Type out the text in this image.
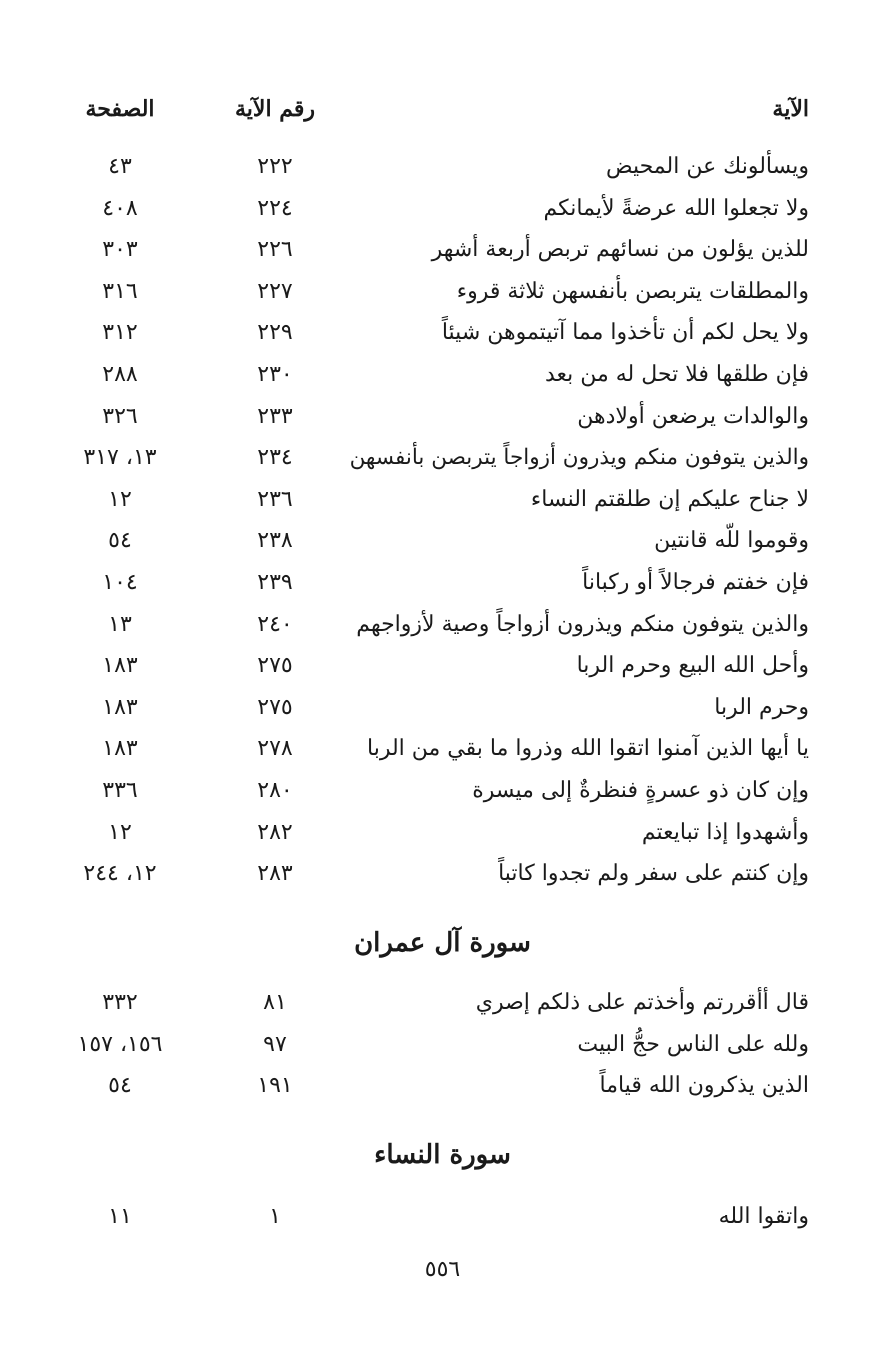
الآية
رقم الآية
الصفحة
ويسألونك عن المحيض
٢٢٢
٤٣
ولا تجعلوا الله عرضةً لأيمانكم
٢٢٤
٤٠٨
للذين يؤلون من نسائهم تربص أربعة أشهر
٢٢٦
٣٠٣
والمطلقات يتربصن بأنفسهن ثلاثة قروء
٢٢٧
٣١٦
ولا يحل لكم أن تأخذوا مما آتيتموهن شيئاً
٢٢٩
٣١٢
فإن طلقها فلا تحل له من بعد
٢٣٠
٢٨٨
والوالدات يرضعن أولادهن
٢٣٣
٣٢٦
والذين يتوفون منكم ويذرون أزواجاً يتربصن بأنفسهن
٢٣٤
١٣، ٣١٧
لا جناح عليكم إن طلقتم النساء
٢٣٦
١٢
وقوموا للّه قانتين
٢٣٨
٥٤
فإن خفتم فرجالاً أو ركباناً
٢٣٩
١٠٤
والذين يتوفون منكم ويذرون أزواجاً وصية لأزواجهم
٢٤٠
١٣
وأحل الله البيع وحرم الربا
٢٧٥
١٨٣
وحرم الربا
٢٧٥
١٨٣
يا أيها الذين آمنوا اتقوا الله وذروا ما بقي من الربا
٢٧٨
١٨٣
وإن كان ذو عسرةٍ فنظرةٌ إلى ميسرة
٢٨٠
٣٣٦
وأشهدوا إذا تبايعتم
٢٨٢
١٢
وإن كنتم على سفر ولم تجدوا كاتباً
٢٨٣
١٢، ٢٤٤
سورة آل عمران
قال أأقررتم وأخذتم على ذلكم إصري
٨١
٣٣٢
ولله على الناس حجُّ البيت
٩٧
١٥٦، ١٥٧
الذين يذكرون الله قياماً
١٩١
٥٤
سورة النساء
واتقوا الله
١
١١
٥٥٦
